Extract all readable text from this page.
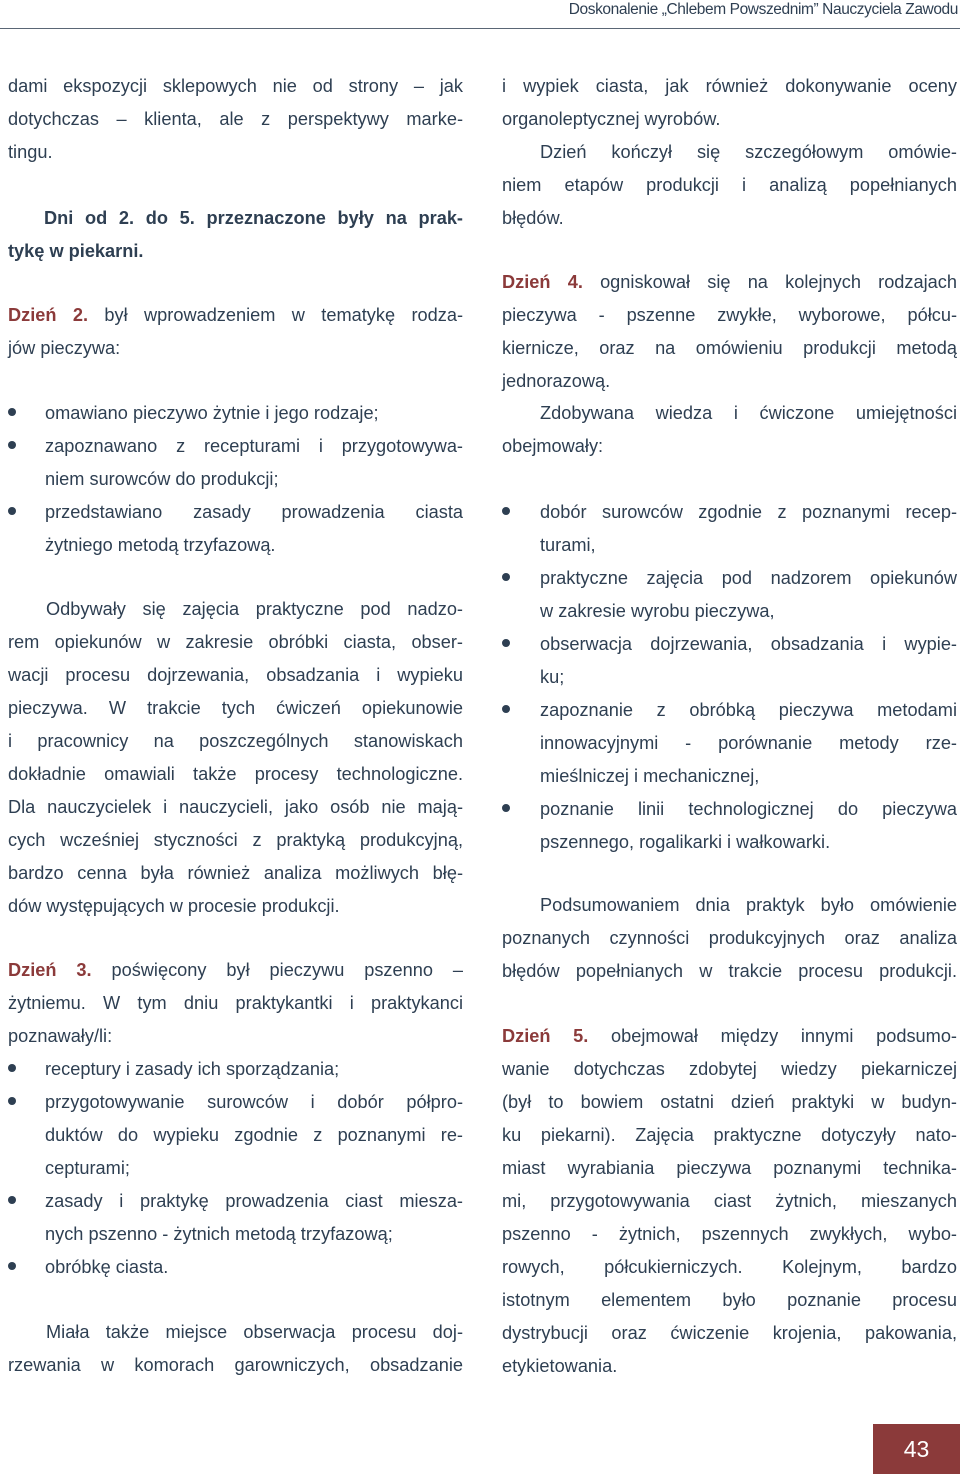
Doskonalenie „Chlebem Powszednim” Nauczyciela Zawodu
dami ekspozycji sklepowych nie od strony – jak
dotychczas – klienta, ale z perspektywy marke-
tingu.
Dni od 2. do 5. przeznaczone były na prak-
tykę w piekarni.
Dzień 2. był wprowadzeniem w tematykę rodza-
jów pieczywa:
omawiano pieczywo żytnie i jego rodzaje;
zapoznawano z recepturami i przygotowywa-
niem surowców do produkcji;
przedstawiano zasady prowadzenia ciasta
żytniego metodą trzyfazową.
Odbywały się zajęcia praktyczne pod nadzo-
rem opiekunów w zakresie obróbki ciasta, obser-
wacji procesu dojrzewania, obsadzania i wypieku
pieczywa. W trakcie tych ćwiczeń opiekunowie
i pracownicy na poszczególnych stanowiskach
dokładnie omawiali także procesy technologiczne.
Dla nauczycielek i nauczycieli, jako osób nie mają-
cych wcześniej styczności z praktyką produkcyjną,
bardzo cenna była również analiza możliwych błę-
dów występujących w procesie produkcji.
Dzień 3. poświęcony był pieczywu pszenno –
żytniemu. W tym dniu praktykantki i praktykanci
poznawały/li:
receptury i zasady ich sporządzania;
przygotowywanie surowców i dobór półpro-
duktów do wypieku zgodnie z poznanymi re-
cepturami;
zasady i praktykę prowadzenia ciast miesza-
nych pszenno - żytnich metodą trzyfazową;
obróbkę ciasta.
Miała także miejsce obserwacja procesu doj-
rzewania w komorach garowniczych, obsadzanie
i wypiek ciasta, jak również dokonywanie oceny
organoleptycznej wyrobów.
Dzień kończył się szczegółowym omówie-
niem etapów produkcji i analizą popełnianych
błędów.
Dzień 4. ogniskował się na kolejnych rodzajach
pieczywa - pszenne zwykłe, wyborowe, półcu-
kiernicze, oraz na omówieniu produkcji metodą
jednorazową.
Zdobywana wiedza i ćwiczone umiejętności
obejmowały:
dobór surowców zgodnie z poznanymi recep-
turami,
praktyczne zajęcia pod nadzorem opiekunów
w zakresie wyrobu pieczywa,
obserwacja dojrzewania, obsadzania i wypie-
ku;
zapoznanie z obróbką pieczywa metodami
innowacyjnymi - porównanie metody rze-
mieślniczej i mechanicznej,
poznanie linii technologicznej do pieczywa
pszennego, rogalikarki i wałkowarki.
Podsumowaniem dnia praktyk było omówienie
poznanych czynności produkcyjnych oraz analiza
błędów popełnianych w trakcie procesu produkcji.
Dzień 5. obejmował między innymi podsumo-
wanie dotychczas zdobytej wiedzy piekarniczej
(był to bowiem ostatni dzień praktyki w budyn-
ku piekarni). Zajęcia praktyczne dotyczyły nato-
miast wyrabiania pieczywa poznanymi technika-
mi, przygotowywania ciast żytnich, mieszanych
pszenno - żytnich, pszennych zwykłych, wybo-
rowych, półcukierniczych. Kolejnym, bardzo
istotnym elementem było poznanie procesu
dystrybucji oraz ćwiczenie krojenia, pakowania,
etykietowania.
43
